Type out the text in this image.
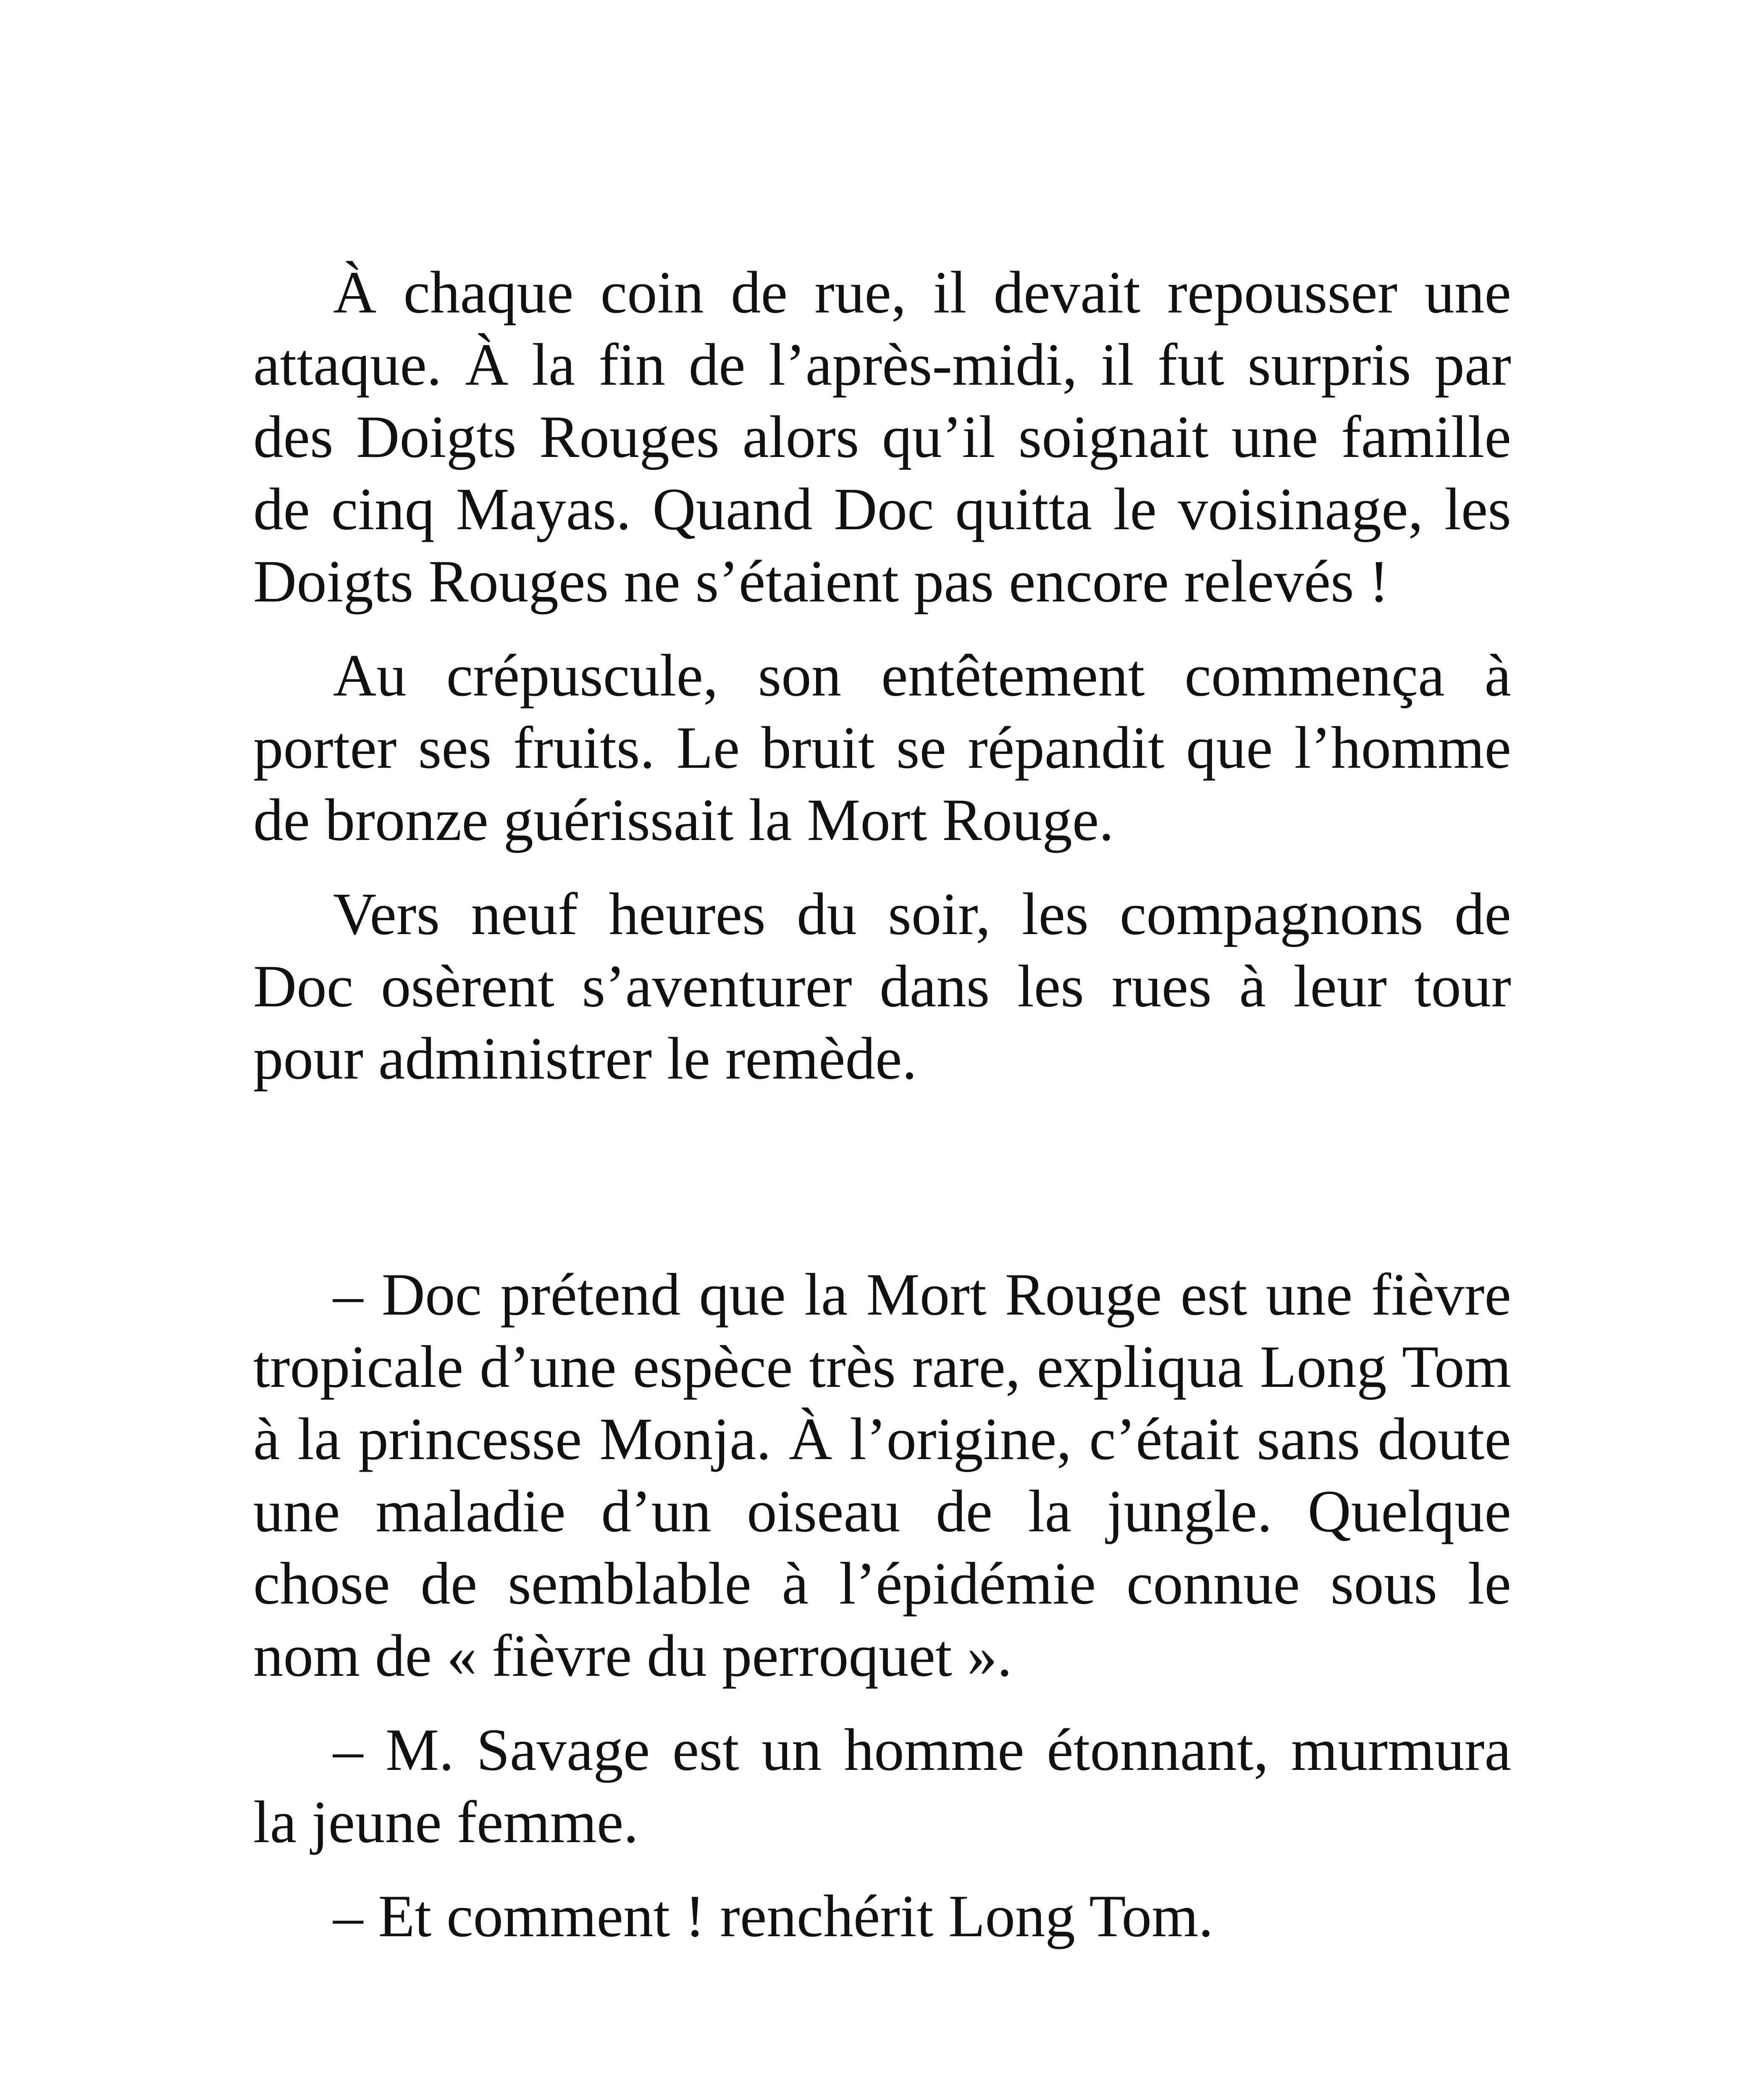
À chaque coin de rue, il devait repousser une attaque. À la fin de l’après-midi, il fut surpris par des Doigts Rouges alors qu’il soignait une famille de cinq Mayas. Quand Doc quitta le voisinage, les Doigts Rouges ne s’étaient pas encore relevés !

Au crépuscule, son entêtement commença à porter ses fruits. Le bruit se répandit que l’homme de bronze guérissait la Mort Rouge.

Vers neuf heures du soir, les compagnons de Doc osèrent s’aventurer dans les rues à leur tour pour administrer le remède.

– Doc prétend que la Mort Rouge est une fièvre tropicale d’une espèce très rare, expliqua Long Tom à la princesse Monja. À l’origine, c’était sans doute une maladie d’un oiseau de la jungle. Quelque chose de semblable à l’épidémie connue sous le nom de « fièvre du perroquet ».

– M. Savage est un homme étonnant, murmura la jeune femme.

– Et comment ! renchérit Long Tom.
